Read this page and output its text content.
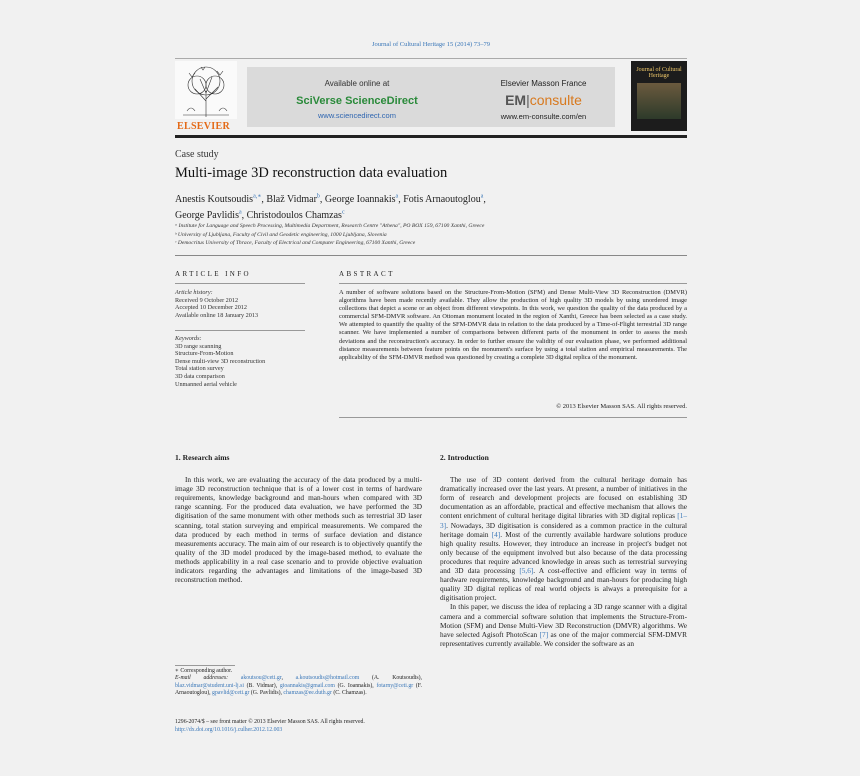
Journal of Cultural Heritage 15 (2014) 73–79
ELSEVIER
Available online at
SciVerse ScienceDirect
www.sciencedirect.com
Elsevier Masson France
EM|consulte
www.em-consulte.com/en
Journal of Cultural Heritage
Case study
Multi-image 3D reconstruction data evaluation
Anestis Koutsoudis$^{a,∗}$, Blaž Vidmar$^b$, George Ioannakis$^a$, Fotis Arnaoutoglou$^a$,
George Pavlidis$^a$, Christodoulos Chamzas$^c$
ᵃ Institute for Language and Speech Processing, Multimedia Department, Research Centre "Athena", PO BOX 159, 67100 Xanthi, Greece
ᵇ University of Ljubljana, Faculty of Civil and Geodetic engineering, 1000 Ljubljana, Slovenia
ᶜ Democritus University of Thrace, Faculty of Electrical and Computer Engineering, 67100 Xanthi, Greece
ARTICLE INFO
Article history:
Received 9 October 2012
Accepted 10 December 2012
Available online 18 January 2013
Keywords:
3D range scanning
Structure-From-Motion
Dense multi-view 3D reconstruction
Total station survey
3D data comparison
Unmanned aerial vehicle
ABSTRACT
A number of software solutions based on the Structure-From-Motion (SFM) and Dense Multi-View 3D Reconstruction (DMVR) algorithms have been made recently available. They allow the production of high quality 3D models by using unordered image collections that depict a scene or an object from different viewpoints. In this work, we question the quality of the data produced by a commercial SFM-DMVR software. An Ottoman monument located in the region of Xanthi, Greece has been selected as a case study. We attempted to quantify the quality of the SFM-DMVR data in relation to the data produced by a Time-of-Flight terrestrial 3D range scanner. We have implemented a number of comparisons between different parts of the monument in order to assess the mesh deviations and the reconstruction's accuracy. In order to further ensure the validity of our evaluation phase, we performed additional distance measurements between feature points on the monument's surface by using a total station and empirical measurements. The applicability of the SFM-DMVR method was questioned by creating a complete 3D digital replica of the monument.
© 2013 Elsevier Masson SAS. All rights reserved.
1. Research aims

In this work, we are evaluating the accuracy of the data produced by a multi-image 3D reconstruction technique that is of a lower cost in terms of hardware requirements, knowledge background and man-hours when compared with 3D range scanning. For the produced data evaluation, we have performed the 3D digitisation of the same monument with other methods such as terrestrial 3D laser scanning, total station surveying and empirical measurements. We compared the data produced by each method in terms of surface deviation and distance measurements accuracy. The main aim of our research is to objectively quantify the quality of the 3D model produced by the image-based method, to evaluate the methods applicability in a real case scenario and to provide objective evaluation indicators regarding the advantages and limitations of the image-based 3D reconstruction method.

2. Introduction

The use of 3D content derived from the cultural heritage domain has dramatically increased over the last years. At present, a number of initiatives in the form of research and development projects are focused on establishing 3D documentation as an affordable, practical and effective mechanism that allows the content enrichment of cultural heritage digital libraries with 3D digital replicas [1–3]. Nowadays, 3D digitisation is considered as a common practice in the cultural heritage domain [4]. Most of the currently available hardware solutions produce high quality results. However, they introduce an increase in project's budget not only because of the equipment involved but also because of the data processing procedures that require advanced knowledge in areas such as terrestrial surveying and 3D data processing [5,6]. A cost-effective and efficient way in terms of hardware requirements, knowledge background and man-hours for producing high quality 3D digital replicas of real world objects is always a prerequisite for a digitisation project.

In this paper, we discuss the idea of replacing a 3D range scanner with a digital camera and a commercial software solution that implements the Structure-From-Motion (SFM) and Dense Multi-View 3D Reconstruction (DMVR) algorithms. We have selected Agisoft PhotoScan [7] as one of the major commercial SFM-DMVR representatives currently available. We consider the software as an

∗ Corresponding author.
E-mail addresses: akoutsou@ceti.gr, a.koutsoudis@hotmail.com (A. Koutsoudis), blaz.vidmar@student.uni-lj.si (B. Vidmar), gioannakis@gmail.com (G. Ioannakis), fotarny@ceti.gr (F. Arnaoutoglou), gpavlid@ceti.gr (G. Pavlidis), chamzas@ee.duth.gr (C. Chamzas).
1296-2074/$ – see front matter © 2013 Elsevier Masson SAS. All rights reserved.
http://dx.doi.org/10.1016/j.culher.2012.12.003
